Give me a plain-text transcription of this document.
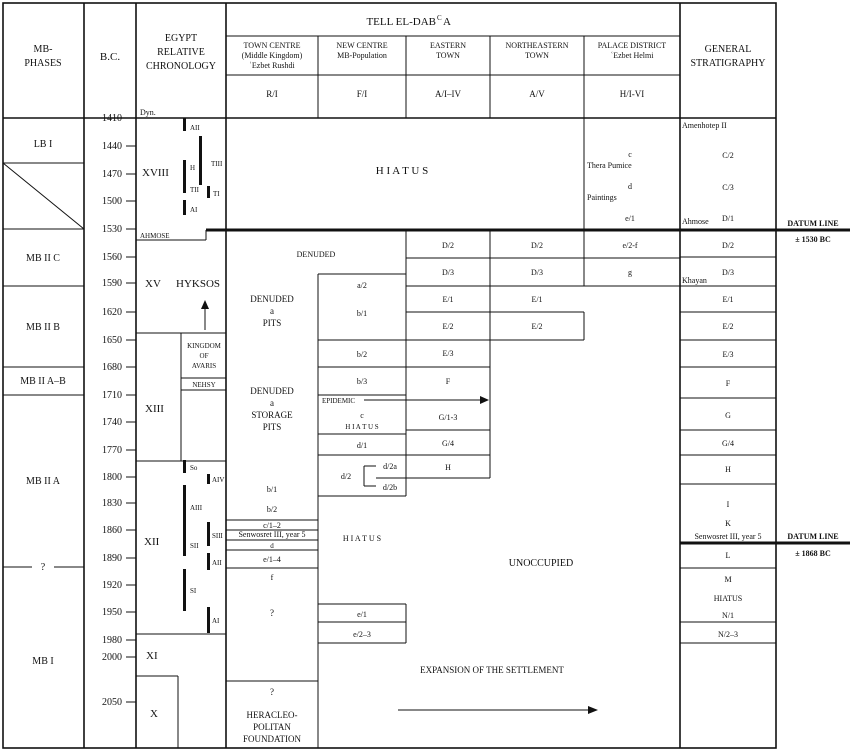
MB-
PHASES
B.C.
EGYPT
RELATIVE
CHRONOLOGY
Dyn.
TELL EL-DAB C A
GENERAL
STRATIGRAPHY
TOWN CENTRE
(Middle Kingdom)
ʿEzbet Rushdi
R/I
NEW CENTRE
MB-Population
F/I
EASTERN
TOWN
A/I–IV
NORTHEASTERN
TOWN
A/V
PALACE DISTRICT
ʿEzbet Helmi
H/I-VI
1410
1440
1470
1500
1530
1560
1590
1620
1650
1680
1710
1740
1770
1800
1830
1860
1890
1920
1950
1980
2000
2050
LB I
MB II C
MB II B
MB II A–B
MB II A
?
MB I
AII
H TIII
TII TI
AI
So
AIV
AIII
SIII
SII
AII
SI
AI
XVIII
AHMOSE
XV HYKSOS
KINGDOM
OF
AVARIS
NEHSY
XIII
XII
XI
X
H I A T U S
c
Thera Pumice
d
Paintings
e/1
DENUDED
DENUDED
a
PITS
DENUDED
a
STORAGE
PITS
b/1
b/2
c/1–2
Senwosret III, year 5
d
e/1–4
f
?
?
HERACLEO-
POLITAN
FOUNDATION
a/2
b/1
b/2
b/3
c
H I A T U S
d/1
d/2
d/2a
d/2b
H I A T U S
e/1
e/2–3
EPIDEMIC
D/2
D/3
E/1
E/2
E/3
F
G/1-3
G/4
H
D/2
D/3
E/1
E/2
e/2-f
g
UNOCCUPIED
EXPANSION OF THE SETTLEMENT
Amenhotep II
C/2
C/3
Ahmose D/1
D/2
Khayan
D/3
E/1
E/2
E/3
F
G
G/4
H
I
K
Senwosret III, year 5
L
M
HIATUS
N/1
N/2–3
DATUM LINE
± 1530 BC
DATUM LINE
± 1868 BC
